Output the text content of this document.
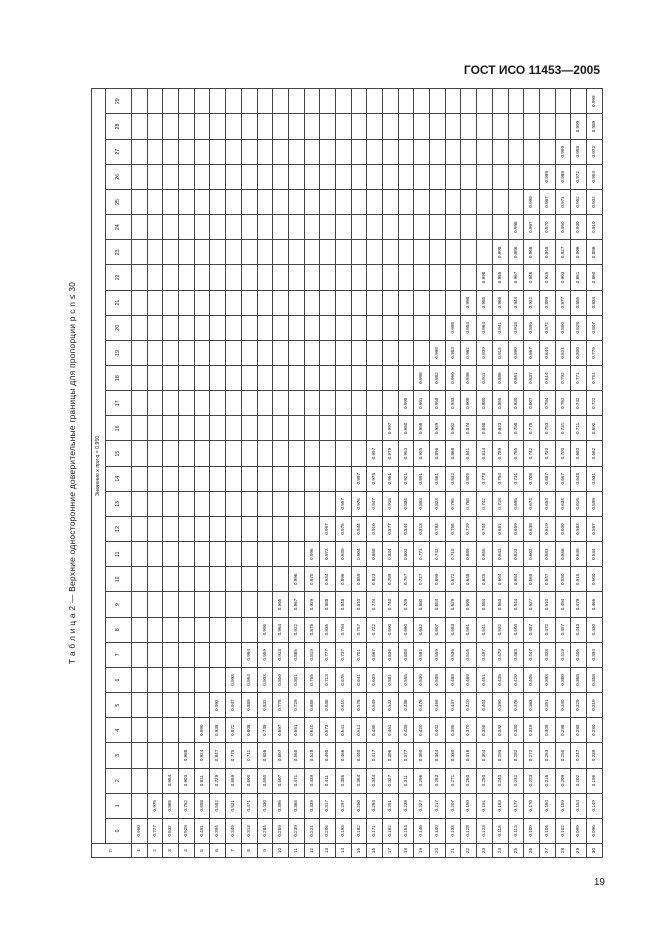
ГОСТ ИСО 11453—2005
Т а б л и ц а 2 — Верхние односторонние доверительные границы для пропорции p с n ≤ 30
n	Значение x при q = 0,950																													
	0	1	2	3	4	5	6	7	8	9	10	11	12	13	14	15	16	17	18	19	20	21	22	23	24	25	26	27	28	29
1	0.950																													
2	0.777	0.975																												
3	0.632	0.865	0.984																											
4	0.528	0.752	0.903	0.988																										
5	0.451	0.658	0.811	0.924	0.990																									
6	0.394	0.582	0.729	0.847	0.938	0.992																								
7	0.349	0.521	0.659	0.775	0.872	0.947	0.993																							
8	0.313	0.471	0.600	0.711	0.808	0.889	0.954	0.994																						
9	0.284	0.430	0.550	0.656	0.749	0.832	0.903	0.959	0.995																					
10	0.259	0.395	0.507	0.607	0.697	0.778	0.850	0.913	0.964	0.995																				
11	0.239	0.365	0.471	0.565	0.651	0.729	0.801	0.865	0.922	0.967	0.996																			
12	0.221	0.339	0.439	0.528	0.610	0.685	0.755	0.819	0.878	0.929	0.970	0.996																		
13	0.206	0.317	0.411	0.495	0.573	0.646	0.713	0.777	0.835	0.888	0.934	0.972	0.997																	
14	0.193	0.297	0.386	0.466	0.541	0.610	0.675	0.737	0.794	0.848	0.896	0.939	0.975	0.997																
15	0.182	0.280	0.364	0.440	0.511	0.578	0.641	0.701	0.757	0.810	0.859	0.904	0.944	0.976	0.997															
16	0.171	0.264	0.344	0.417	0.485	0.549	0.609	0.667	0.722	0.774	0.823	0.868	0.910	0.947	0.978	0.997														
17	0.162	0.251	0.327	0.396	0.461	0.522	0.581	0.636	0.690	0.740	0.789	0.834	0.877	0.916	0.951	0.979	0.997													
18	0.154	0.238	0.311	0.377	0.439	0.498	0.555	0.608	0.660	0.709	0.757	0.802	0.844	0.884	0.921	0.953	0.980	0.998												
19	0.146	0.227	0.296	0.360	0.420	0.476	0.530	0.582	0.632	0.680	0.727	0.771	0.813	0.853	0.891	0.925	0.956	0.981	0.998											
20	0.140	0.217	0.283	0.344	0.402	0.456	0.508	0.559	0.607	0.654	0.699	0.742	0.783	0.823	0.861	0.896	0.929	0.958	0.982	0.998										
21	0.133	0.207	0.271	0.330	0.385	0.437	0.488	0.536	0.583	0.629	0.672	0.715	0.756	0.795	0.832	0.868	0.902	0.933	0.960	0.983	0.998									
22	0.128	0.199	0.260	0.316	0.370	0.420	0.469	0.516	0.561	0.605	0.648	0.689	0.729	0.768	0.805	0.841	0.874	0.906	0.936	0.962	0.984	0.998								
23	0.123	0.191	0.250	0.304	0.355	0.404	0.451	0.497	0.541	0.584	0.625	0.665	0.704	0.742	0.778	0.814	0.848	0.880	0.911	0.939	0.964	0.985	0.998							
24	0.118	0.183	0.240	0.293	0.342	0.390	0.435	0.479	0.522	0.563	0.604	0.643	0.681	0.718	0.754	0.789	0.823	0.855	0.886	0.915	0.941	0.966	0.985	0.998						
25	0.113	0.177	0.232	0.282	0.330	0.376	0.420	0.463	0.504	0.544	0.584	0.622	0.659	0.695	0.731	0.765	0.798	0.830	0.861	0.890	0.918	0.944	0.967	0.986	0.998					
26	0.109	0.170	0.223	0.272	0.319	0.363	0.406	0.447	0.487	0.527	0.565	0.602	0.638	0.674	0.708	0.742	0.775	0.807	0.837	0.867	0.895	0.922	0.946	0.968	0.987	0.999				
27	0.106	0.164	0.216	0.263	0.308	0.351	0.393	0.433	0.472	0.510	0.547	0.583	0.619	0.654	0.687	0.720	0.753	0.784	0.814	0.844	0.872	0.899	0.925	0.948	0.970	0.987	0.999			
28	0.102	0.159	0.209	0.255	0.298	0.340	0.380	0.419	0.457	0.494	0.530	0.566	0.600	0.634	0.667	0.700	0.731	0.762	0.792	0.821	0.850	0.877	0.903	0.927	0.950	0.971	0.988	0.999		
29	0.099	0.154	0.202	0.247	0.289	0.329	0.368	0.406	0.443	0.479	0.515	0.549	0.583	0.616	0.648	0.680	0.711	0.742	0.771	0.800	0.828	0.855	0.881	0.906	0.930	0.952	0.972	0.988	0.999	
30	0.096	0.149	0.196	0.239	0.280	0.319	0.358	0.394	0.430	0.466	0.500	0.534	0.567	0.599	0.631	0.662	0.692	0.722	0.751	0.779	0.807	0.834	0.860	0.886	0.910	0.932	0.954	0.973	0.989	0.999
19
